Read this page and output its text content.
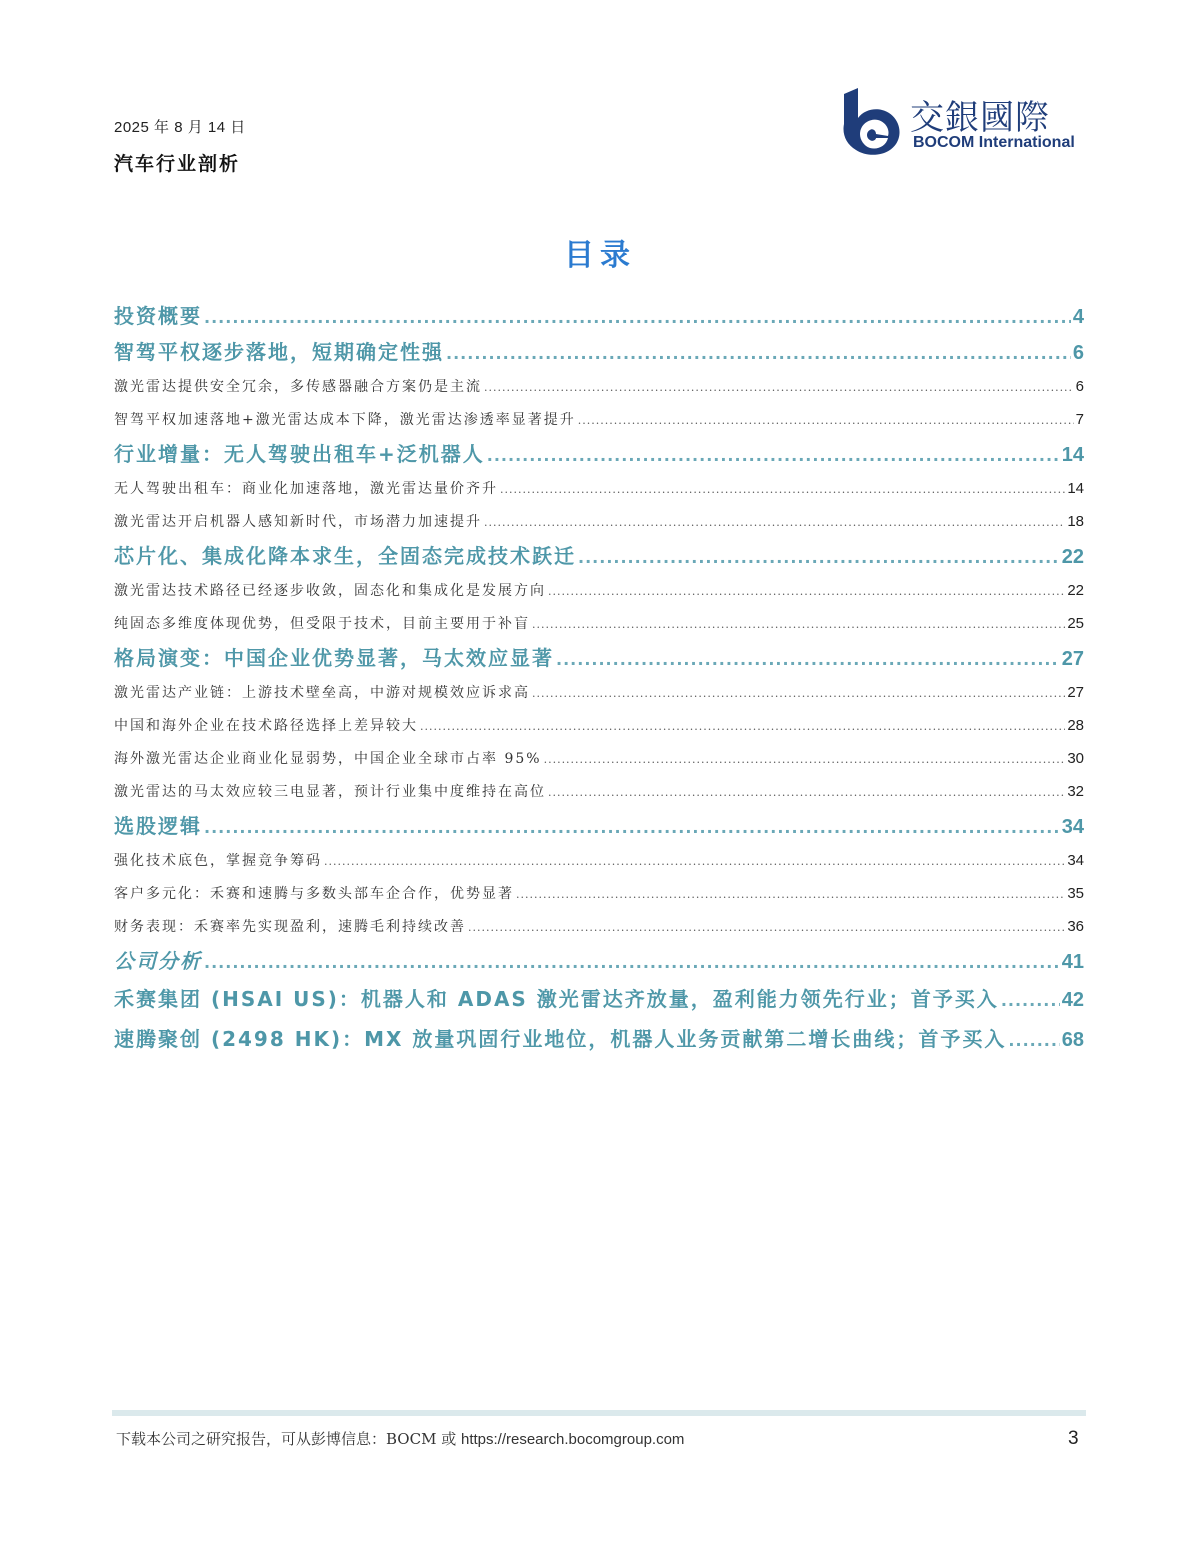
2025 年 8 月 14 日
汽车行业剖析
交銀國際
BOCOM International
目录
投资概要 .....	4
智驾平权逐步落地，短期确定性强 .....	6
激光雷达提供安全冗余，多传感器融合方案仍是主流 .....	6
智驾平权加速落地+激光雷达成本下降，激光雷达渗透率显著提升 .....	7
行业增量：无人驾驶出租车+泛机器人 .....	14
无人驾驶出租车：商业化加速落地，激光雷达量价齐升 .....	14
激光雷达开启机器人感知新时代，市场潜力加速提升 .....	18
芯片化、集成化降本求生，全固态完成技术跃迁 .....	22
激光雷达技术路径已经逐步收敛，固态化和集成化是发展方向 .....	22
纯固态多维度体现优势，但受限于技术，目前主要用于补盲 .....	25
格局演变：中国企业优势显著，马太效应显著 .....	27
激光雷达产业链：上游技术壁垒高，中游对规模效应诉求高 .....	27
中国和海外企业在技术路径选择上差异较大 .....	28
海外激光雷达企业商业化显弱势，中国企业全球市占率 95% .....	30
激光雷达的马太效应较三电显著，预计行业集中度维持在高位 .....	32
选股逻辑 .....	34
强化技术底色，掌握竞争筹码 .....	34
客户多元化：禾赛和速腾与多数头部车企合作，优势显著 .....	35
财务表现：禾赛率先实现盈利，速腾毛利持续改善 .....	36
公司分析 .....	41
禾赛集团 (HSAI US)：机器人和 ADAS 激光雷达齐放量，盈利能力领先行业；首予买入 .....	42
速腾聚创 (2498 HK)：MX 放量巩固行业地位，机器人业务贡献第二增长曲线；首予买入 .....	68
下载本公司之研究报告，可从彭博信息：BOCM 或 https://research.bocomgroup.com	3
